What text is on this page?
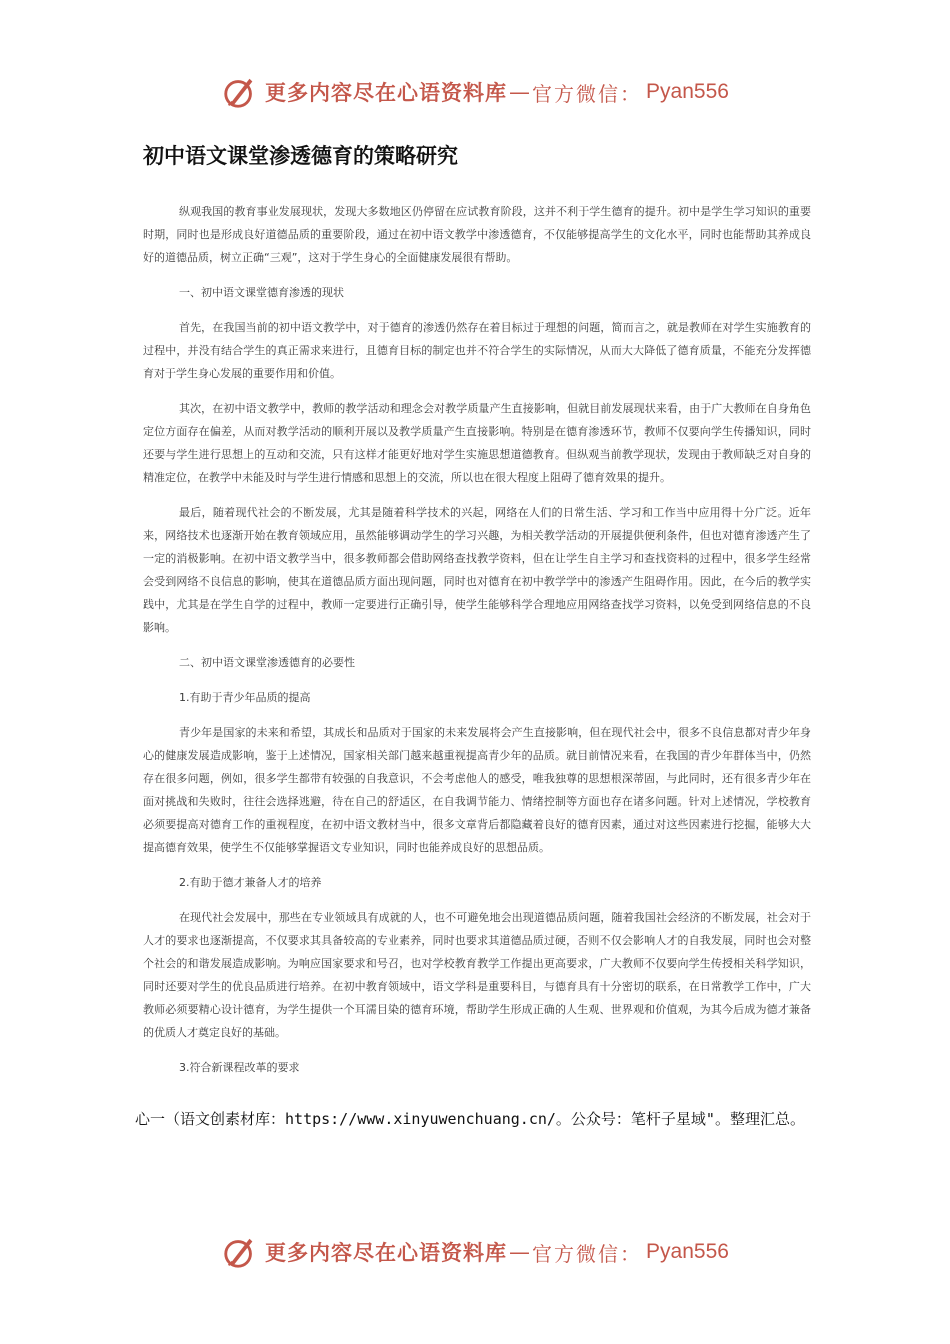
更多内容尽在心语资料库 — 官方微信： Pyan556
初中语文课堂渗透德育的策略研究

纵观我国的教育事业发展现状，发现大多数地区仍停留在应试教育阶段，这并不利于学生德育的提升。初中是学生学习知识的重要时期，同时也是形成良好道德品质的重要阶段，通过在初中语文教学中渗透德育，不仅能够提高学生的文化水平，同时也能帮助其养成良好的道德品质，树立正确“三观”，这对于学生身心的全面健康发展很有帮助。

一、初中语文课堂德育渗透的现状

首先，在我国当前的初中语文教学中，对于德育的渗透仍然存在着目标过于理想的问题，简而言之，就是教师在对学生实施教育的过程中，并没有结合学生的真正需求来进行，且德育目标的制定也并不符合学生的实际情况，从而大大降低了德育质量，不能充分发挥德育对于学生身心发展的重要作用和价值。

其次，在初中语文教学中，教师的教学活动和理念会对教学质量产生直接影响，但就目前发展现状来看，由于广大教师在自身角色定位方面存在偏差，从而对教学活动的顺利开展以及教学质量产生直接影响。特别是在德育渗透环节，教师不仅要向学生传播知识，同时还要与学生进行思想上的互动和交流，只有这样才能更好地对学生实施思想道德教育。但纵观当前教学现状，发现由于教师缺乏对自身的精准定位，在教学中未能及时与学生进行情感和思想上的交流，所以也在很大程度上阻碍了德育效果的提升。

最后，随着现代社会的不断发展，尤其是随着科学技术的兴起，网络在人们的日常生活、学习和工作当中应用得十分广泛。近年来，网络技术也逐渐开始在教育领域应用，虽然能够调动学生的学习兴趣，为相关教学活动的开展提供便利条件，但也对德育渗透产生了一定的消极影响。在初中语文教学当中，很多教师都会借助网络查找教学资料，但在让学生自主学习和查找资料的过程中，很多学生经常会受到网络不良信息的影响，使其在道德品质方面出现问题，同时也对德育在初中教学学中的渗透产生阻碍作用。因此，在今后的教学实践中，尤其是在学生自学的过程中，教师一定要进行正确引导，使学生能够科学合理地应用网络查找学习资料，以免受到网络信息的不良影响。

二、初中语文课堂渗透德育的必要性

1.有助于青少年品质的提高

青少年是国家的未来和希望，其成长和品质对于国家的未来发展将会产生直接影响，但在现代社会中，很多不良信息都对青少年身心的健康发展造成影响，鉴于上述情况，国家相关部门越来越重视提高青少年的品质。就目前情况来看，在我国的青少年群体当中，仍然存在很多问题，例如，很多学生都带有较强的自我意识，不会考虑他人的感受，唯我独尊的思想根深蒂固，与此同时，还有很多青少年在面对挑战和失败时，往往会选择逃避，待在自己的舒适区，在自我调节能力、情绪控制等方面也存在诸多问题。针对上述情况，学校教育必须要提高对德育工作的重视程度，在初中语文教材当中，很多文章背后都隐藏着良好的德育因素，通过对这些因素进行挖掘，能够大大提高德育效果，使学生不仅能够掌握语文专业知识，同时也能养成良好的思想品质。

2.有助于德才兼备人才的培养

在现代社会发展中，那些在专业领域具有成就的人，也不可避免地会出现道德品质问题，随着我国社会经济的不断发展，社会对于人才的要求也逐渐提高，不仅要求其具备较高的专业素养，同时也要求其道德品质过硬，否则不仅会影响人才的自我发展，同时也会对整个社会的和谐发展造成影响。为响应国家要求和号召，也对学校教育教学工作提出更高要求，广大教师不仅要向学生传授相关科学知识，同时还要对学生的优良品质进行培养。在初中教育领域中，语文学科是重要科目，与德育具有十分密切的联系，在日常教学工作中，广大教师必须要精心设计德育，为学生提供一个耳濡目染的德育环境，帮助学生形成正确的人生观、世界观和价值观，为其今后成为德才兼备的优质人才奠定良好的基础。

3.符合新课程改革的要求

心一（语文创素材库：https://www.xinyuwenchuang.cn/。公众号：笔杆子星域"。整理汇总。
更多内容尽在心语资料库 — 官方微信： Pyan556
